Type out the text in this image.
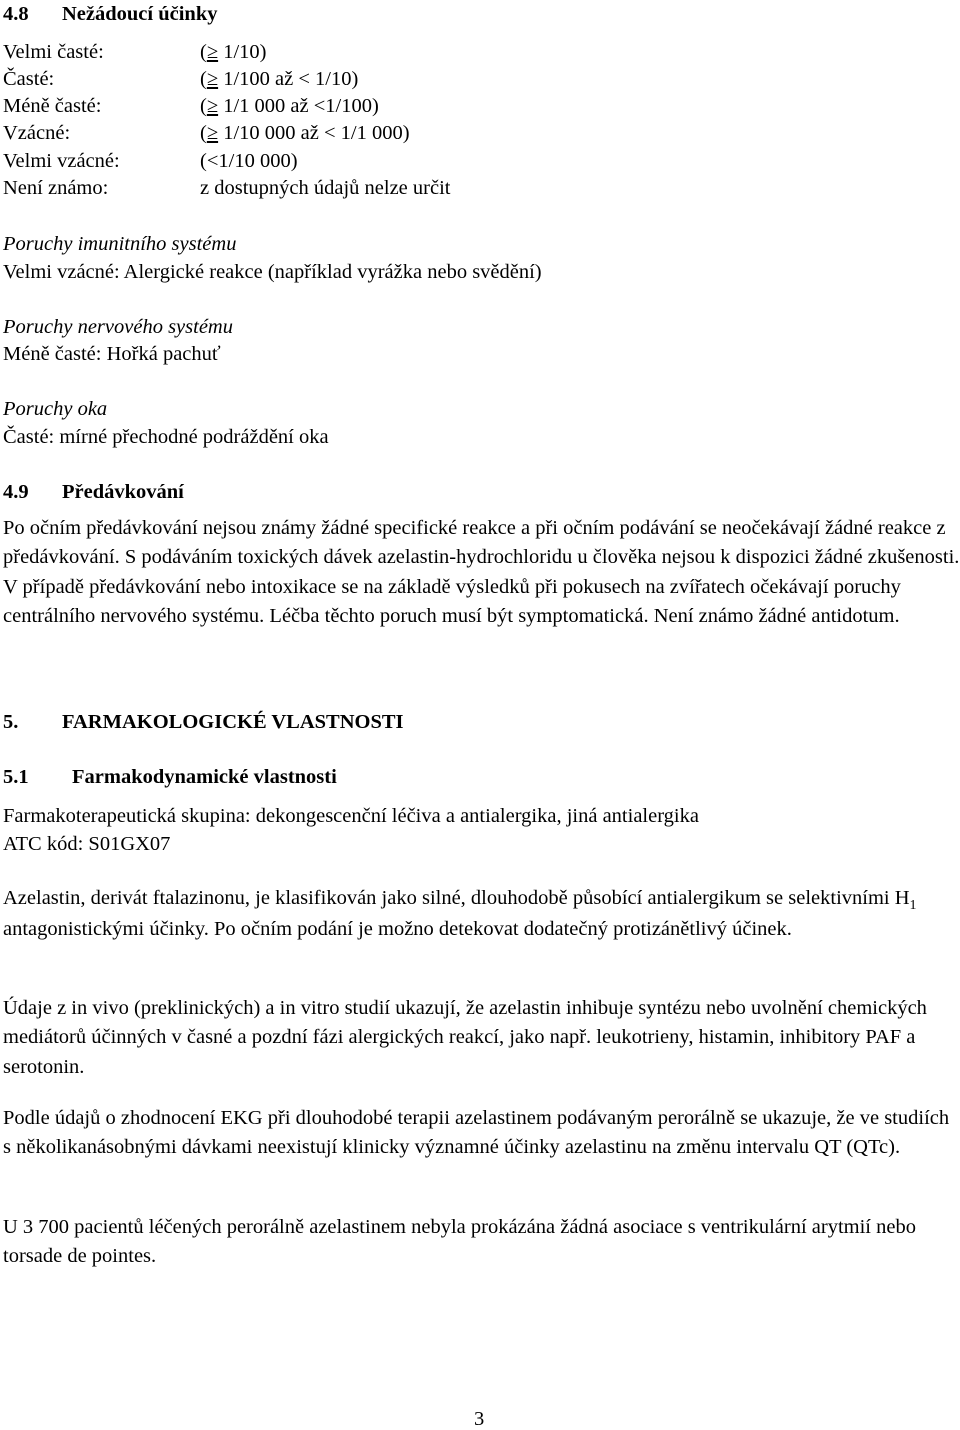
4.8 Nežádoucí účinky
Velmi časté:	(≥ 1/10)
Časté:	(≥ 1/100 až < 1/10)
Méně časté:	(≥ 1/1 000 až <1/100)
Vzácné:	(≥ 1/10 000 až < 1/1 000)
Velmi vzácné:	(<1/10 000)
Není známo:	z dostupných údajů nelze určit
Poruchy imunitního systému
Velmi vzácné: Alergické reakce (například vyrážka nebo svědění)
Poruchy nervového systému
Méně časté: Hořká pachuť
Poruchy oka
Časté: mírné přechodné podráždění oka
4.9 Předávkování

Po očním předávkování nejsou známy žádné specifické reakce a při očním podávání se neočekávají žádné reakce z předávkování. S podáváním toxických dávek azelastin-hydrochloridu u člověka nejsou k dispozici žádné zkušenosti. V případě předávkování nebo intoxikace se na základě výsledků při pokusech na zvířatech očekávají poruchy centrálního nervového systému. Léčba těchto poruch musí být symptomatická. Není známo žádné antidotum.

5. FARMAKOLOGICKÉ VLASTNOSTI
5.1 Farmakodynamické vlastnosti
Farmakoterapeutická skupina: dekongescenční léčiva a antialergika, jiná antialergika
ATC kód: S01GX07

Azelastin, derivát ftalazinonu, je klasifikován jako silné, dlouhodobě působící antialergikum se selektivními $H_1$ antagonistickými účinky. Po očním podání je možno detekovat dodatečný protizánětlivý účinek.

Údaje z in vivo (preklinických) a in vitro studií ukazují, že azelastin inhibuje syntézu nebo uvolnění chemických mediátorů účinných v časné a pozdní fázi alergických reakcí, jako např. leukotrieny, histamin, inhibitory PAF a serotonin.

Podle údajů o zhodnocení EKG při dlouhodobé terapii azelastinem podávaným perorálně se ukazuje, že ve studiích s několikanásobnými dávkami neexistují klinicky významné účinky azelastinu na změnu intervalu QT (QTc).

U 3 700 pacientů léčených perorálně azelastinem nebyla prokázána žádná asociace s ventrikulární arytmií nebo torsade de pointes.

3
